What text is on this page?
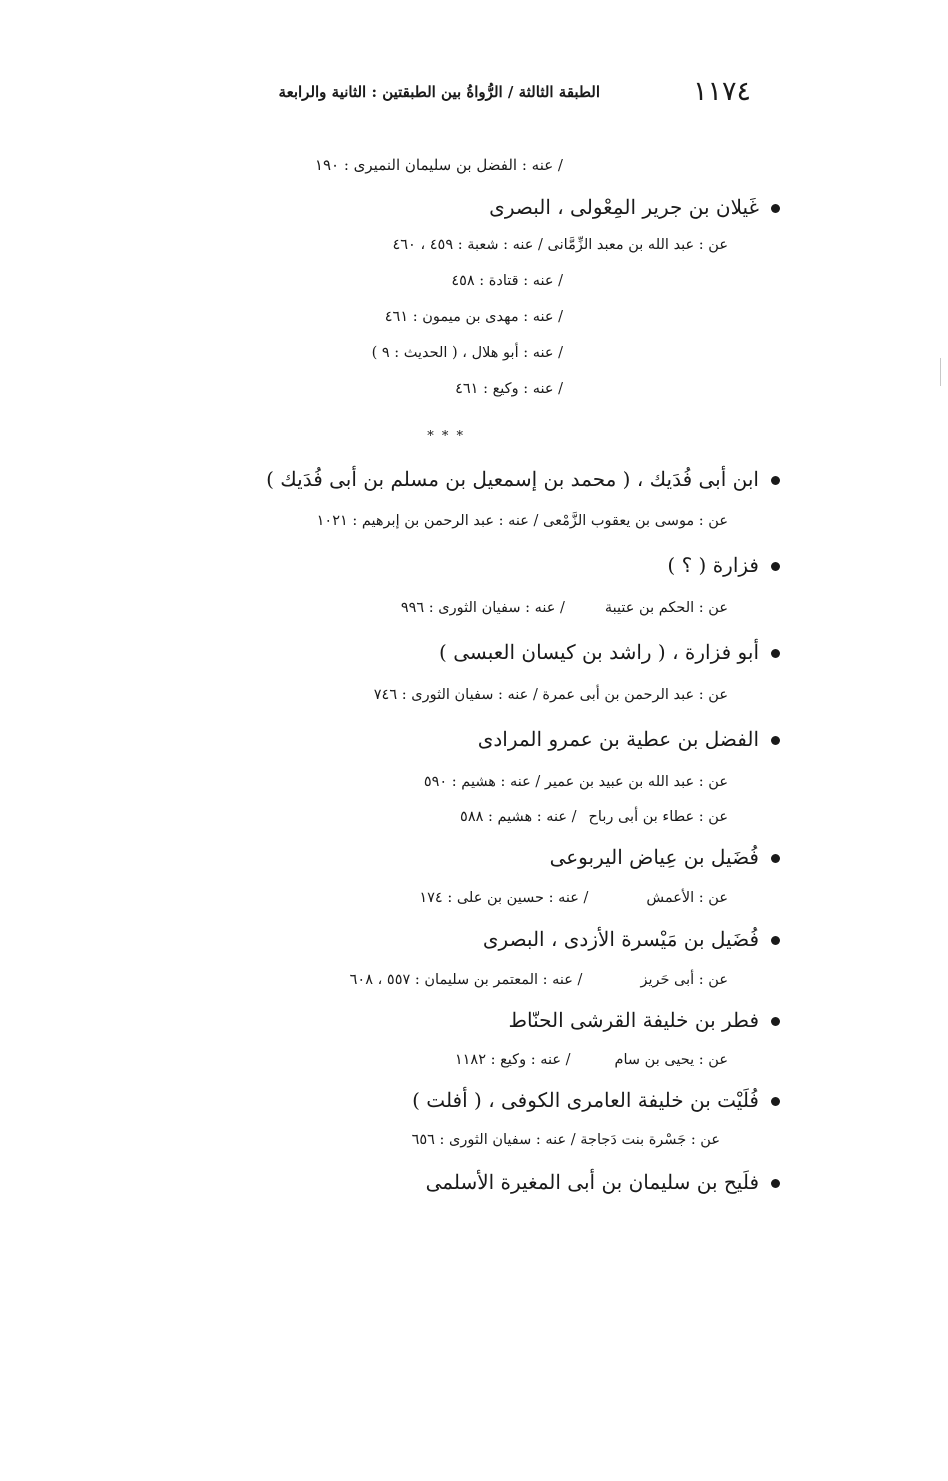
١١٧٤
الطبقة الثالثة / الرُّواةُ بين الطبقتين : الثانية والرابعة
/ عنه : الفضل بن سليمان النميرى : ١٩٠
غَيلان بن جرير المِعْولى ، البصرى
عن : عبد الله بن معبد الزِّمَّانى / عنه : شعبة : ٤٥٩ ، ٤٦٠
/ عنه : قتادة : ٤٥٨
/ عنه : مهدى بن ميمون : ٤٦١
/ عنه : أبو هلال ، ( الحديث : ٩ )
/ عنه : وكيع : ٤٦١
* * *
ابن أبى فُدَيك ، ( محمد بن إسمعيل بن مسلم بن أبى فُدَيك )
عن : موسى بن يعقوب الزَّمْعى / عنه : عبد الرحمن بن إبرهيم : ١٠٢١
فزارة ( ؟ )
عن : الحكم بن عتيبة/ عنه : سفيان الثورى : ٩٩٦
أبو فزارة ، ( راشد بن كيسان العبسى )
عن : عبد الرحمن بن أبى عمرة / عنه : سفيان الثورى : ٧٤٦
الفضل بن عطية بن عمرو المرادى
عن : عبد الله بن عبيد بن عمير / عنه : هشيم : ٥٩٠
عن : عطاء بن أبى رباح/ عنه : هشيم : ٥٨٨
فُضَيل بن عِياض اليربوعى
عن : الأعمش/ عنه : حسين بن على : ١٧٤
فُضَيل بن مَيْسرة الأزدى ، البصرى
عن : أبى حَريز/ عنه : المعتمر بن سليمان : ٥٥٧ ، ٦٠٨
فطر بن خليفة القرشى الحنّاط
عن : يحيى بن سام/ عنه : وكيع : ١١٨٢
فُلَيْت بن خليفة العامرى الكوفى ، ( أفلت )
عن : جَسْرة بنت دَجاجة / عنه : سفيان الثورى : ٦٥٦
فلَيح بن سليمان بن أبى المغيرة الأسلمى
